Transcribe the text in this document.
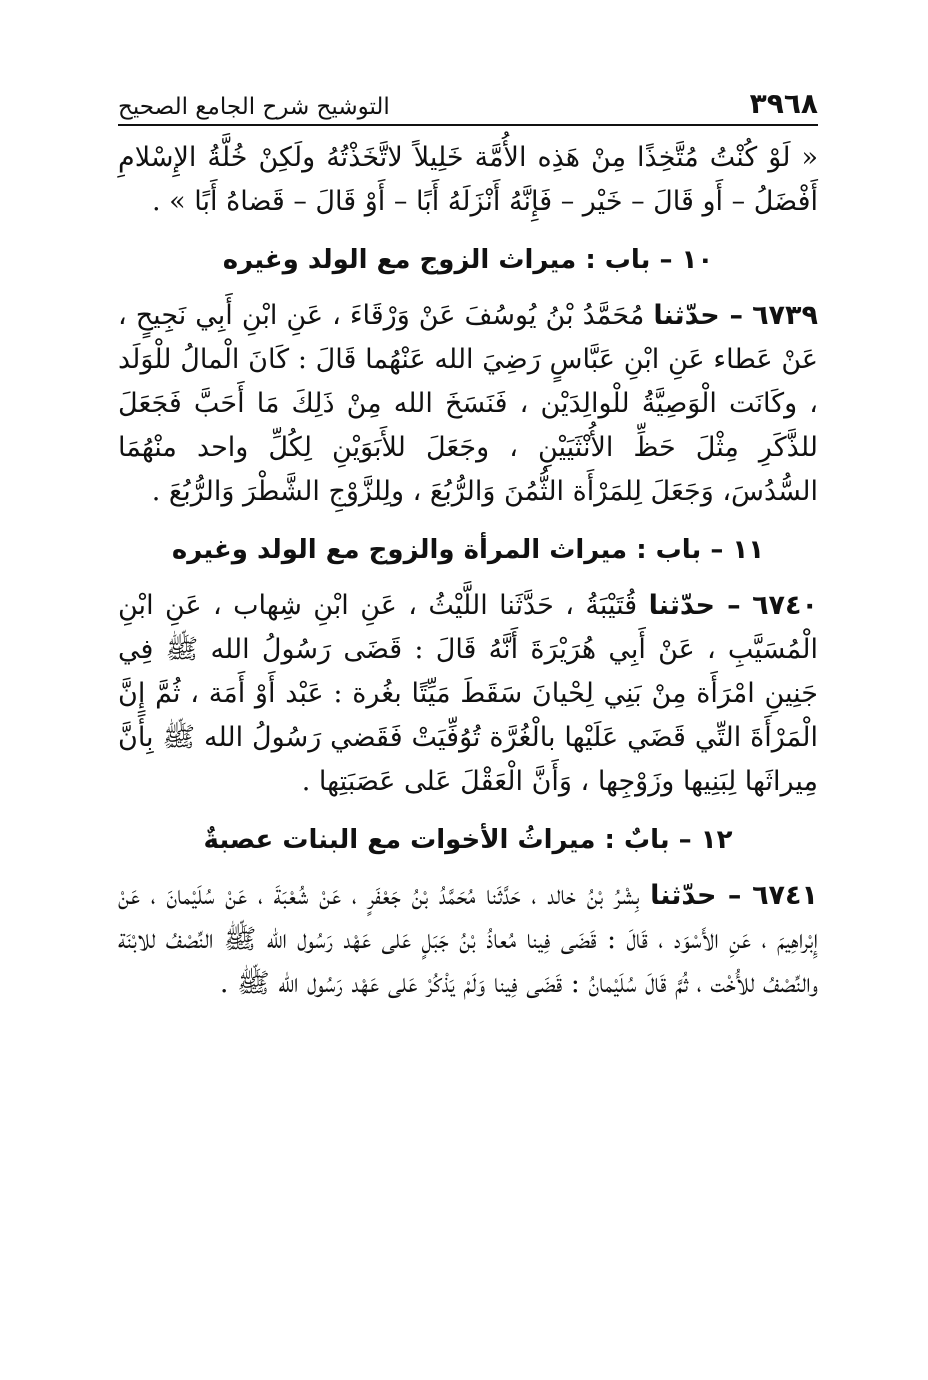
٣٩٦٨
التوشيح شرح الجامع الصحيح

« لَوْ كُنْتُ مُتَّخِذًا مِنْ هَذِه الأُمَّة خَلِيلاً لاتَّخَذْتُهُ ولَكِنْ خُلَّةُ الإِسْلامِ أَفْضَلُ – أَو قَالَ – خَيْر – فَإِنَّهُ أَنْزَلَهُ أَبًا – أَوْ قَالَ – قَضاهُ أَبًا » .

١٠ – باب : ميراث الزوج مع الولد وغيره

٦٧٣٩ – حدّثنا مُحَمَّدُ بْنُ يُوسُفَ عَنْ وَرْقَاءَ ، عَنِ ابْنِ أَبِي نَجِيحٍ ، عَنْ عَطاء عَنِ ابْنِ عَبَّاسٍ رَضِيَ الله عَنْهُما قَالَ : كَانَ الْمالُ للْوَلَد ، وكَانَت الْوَصِيَّةُ للْوالِدَيْن ، فَنَسَخَ الله مِنْ ذَلِكَ مَا أَحَبَّ فَجَعَلَ للذَّكَرِ مِثْلَ حَظِّ الأُنْثَيَيْنِ ، وجَعَلَ للأَبَوَيْنِ لِكُلِّ واحد منْهُمَا السُّدُسَ، وَجَعَلَ لِلمَرْأَة الثُّمُنَ وَالرُّبُعَ ، ولِلزَّوْجِ الشَّطْرَ وَالرُّبُعَ .

١١ – باب : ميراث المرأة والزوج مع الولد وغيره

٦٧٤٠ – حدّثنا قُتَيْبَةُ ، حَدَّثَنا اللَّيْثُ ، عَنِ ابْنِ شِهاب ، عَنِ ابْنِ الْمُسَيَّبِ ، عَنْ أَبِي هُرَيْرَةَ أَنَّهُ قَالَ : قَضَى رَسُولُ الله ﷺ فِي جَنِينِ امْرَأَة مِنْ بَنِي لِحْيانَ سَقَطَ مَيِّتًا بغُرة : عَبْد أَوْ أَمَة ، ثُمَّ إِنَّ الْمَرْأَةَ التِّي قَضَي عَلَيْها بالْغُرَّة تُوُفِّيَتْ فَقَضي رَسُولُ الله ﷺ بِأَنَّ مِيراثَها لِبَنِيها وزَوْجِها ، وَأَنَّ الْعَقْلَ عَلى عَصَبَتِها .

١٢ – بابٌ : ميراثُ الأخوات مع البنات عصبةٌ

٦٧٤١ – حدّثنا بِشْرُ بْنُ خالد ، حَدَّثَنا مُحَمَّدُ بْنُ جَعْفَرٍ ، عَنْ شُعْبَةَ ، عَنْ سُلَيْمانَ ، عَنْ إِبْراهِيمَ ، عَنِ الأَسْوَد ، قَالَ : قَضَى فِينا مُعاذُ بْنُ جَبَلٍ عَلى عَهْد رَسُول الله ﷺ النِّصْفُ للابْنَة والنِّصْفُ للأُخْت ، ثُمَّ قَالَ سُلَيْمانُ : قَضَى فِينا وَلَمْ يَذْكُرْ عَلى عَهْد رَسُول الله ﷺ .
